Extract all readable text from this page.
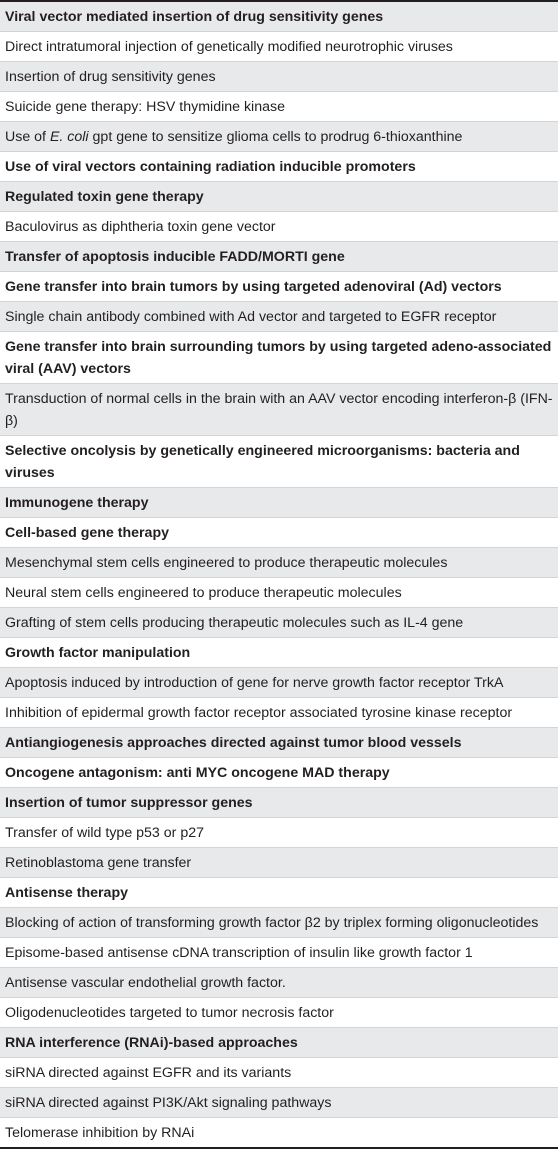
Viral vector mediated insertion of drug sensitivity genes
Direct intratumoral injection of genetically modified neurotrophic viruses
Insertion of drug sensitivity genes
Suicide gene therapy: HSV thymidine kinase
Use of E. coli gpt gene to sensitize glioma cells to prodrug 6-thioxanthine
Use of viral vectors containing radiation inducible promoters
Regulated toxin gene therapy
Baculovirus as diphtheria toxin gene vector
Transfer of apoptosis inducible FADD/MORTI gene
Gene transfer into brain tumors by using targeted adenoviral (Ad) vectors
Single chain antibody combined with Ad vector and targeted to EGFR receptor
Gene transfer into brain surrounding tumors by using targeted adeno-associated viral (AAV) vectors
Transduction of normal cells in the brain with an AAV vector encoding interferon-β (IFN-β)
Selective oncolysis by genetically engineered microorganisms: bacteria and viruses
Immunogene therapy
Cell-based gene therapy
Mesenchymal stem cells engineered to produce therapeutic molecules
Neural stem cells engineered to produce therapeutic molecules
Grafting of stem cells producing therapeutic molecules such as IL-4 gene
Growth factor manipulation
Apoptosis induced by introduction of gene for nerve growth factor receptor TrkA
Inhibition of epidermal growth factor receptor associated tyrosine kinase receptor
Antiangiogenesis approaches directed against tumor blood vessels
Oncogene antagonism: anti MYC oncogene MAD therapy
Insertion of tumor suppressor genes
Transfer of wild type p53 or p27
Retinoblastoma gene transfer
Antisense therapy
Blocking of action of transforming growth factor β2 by triplex forming oligonucleotides
Episome-based antisense cDNA transcription of insulin like growth factor 1
Antisense vascular endothelial growth factor.
Oligodenucleotides targeted to tumor necrosis factor
RNA interference (RNAi)-based approaches
siRNA directed against EGFR and its variants
siRNA directed against PI3K/Akt signaling pathways
Telomerase inhibition by RNAi
